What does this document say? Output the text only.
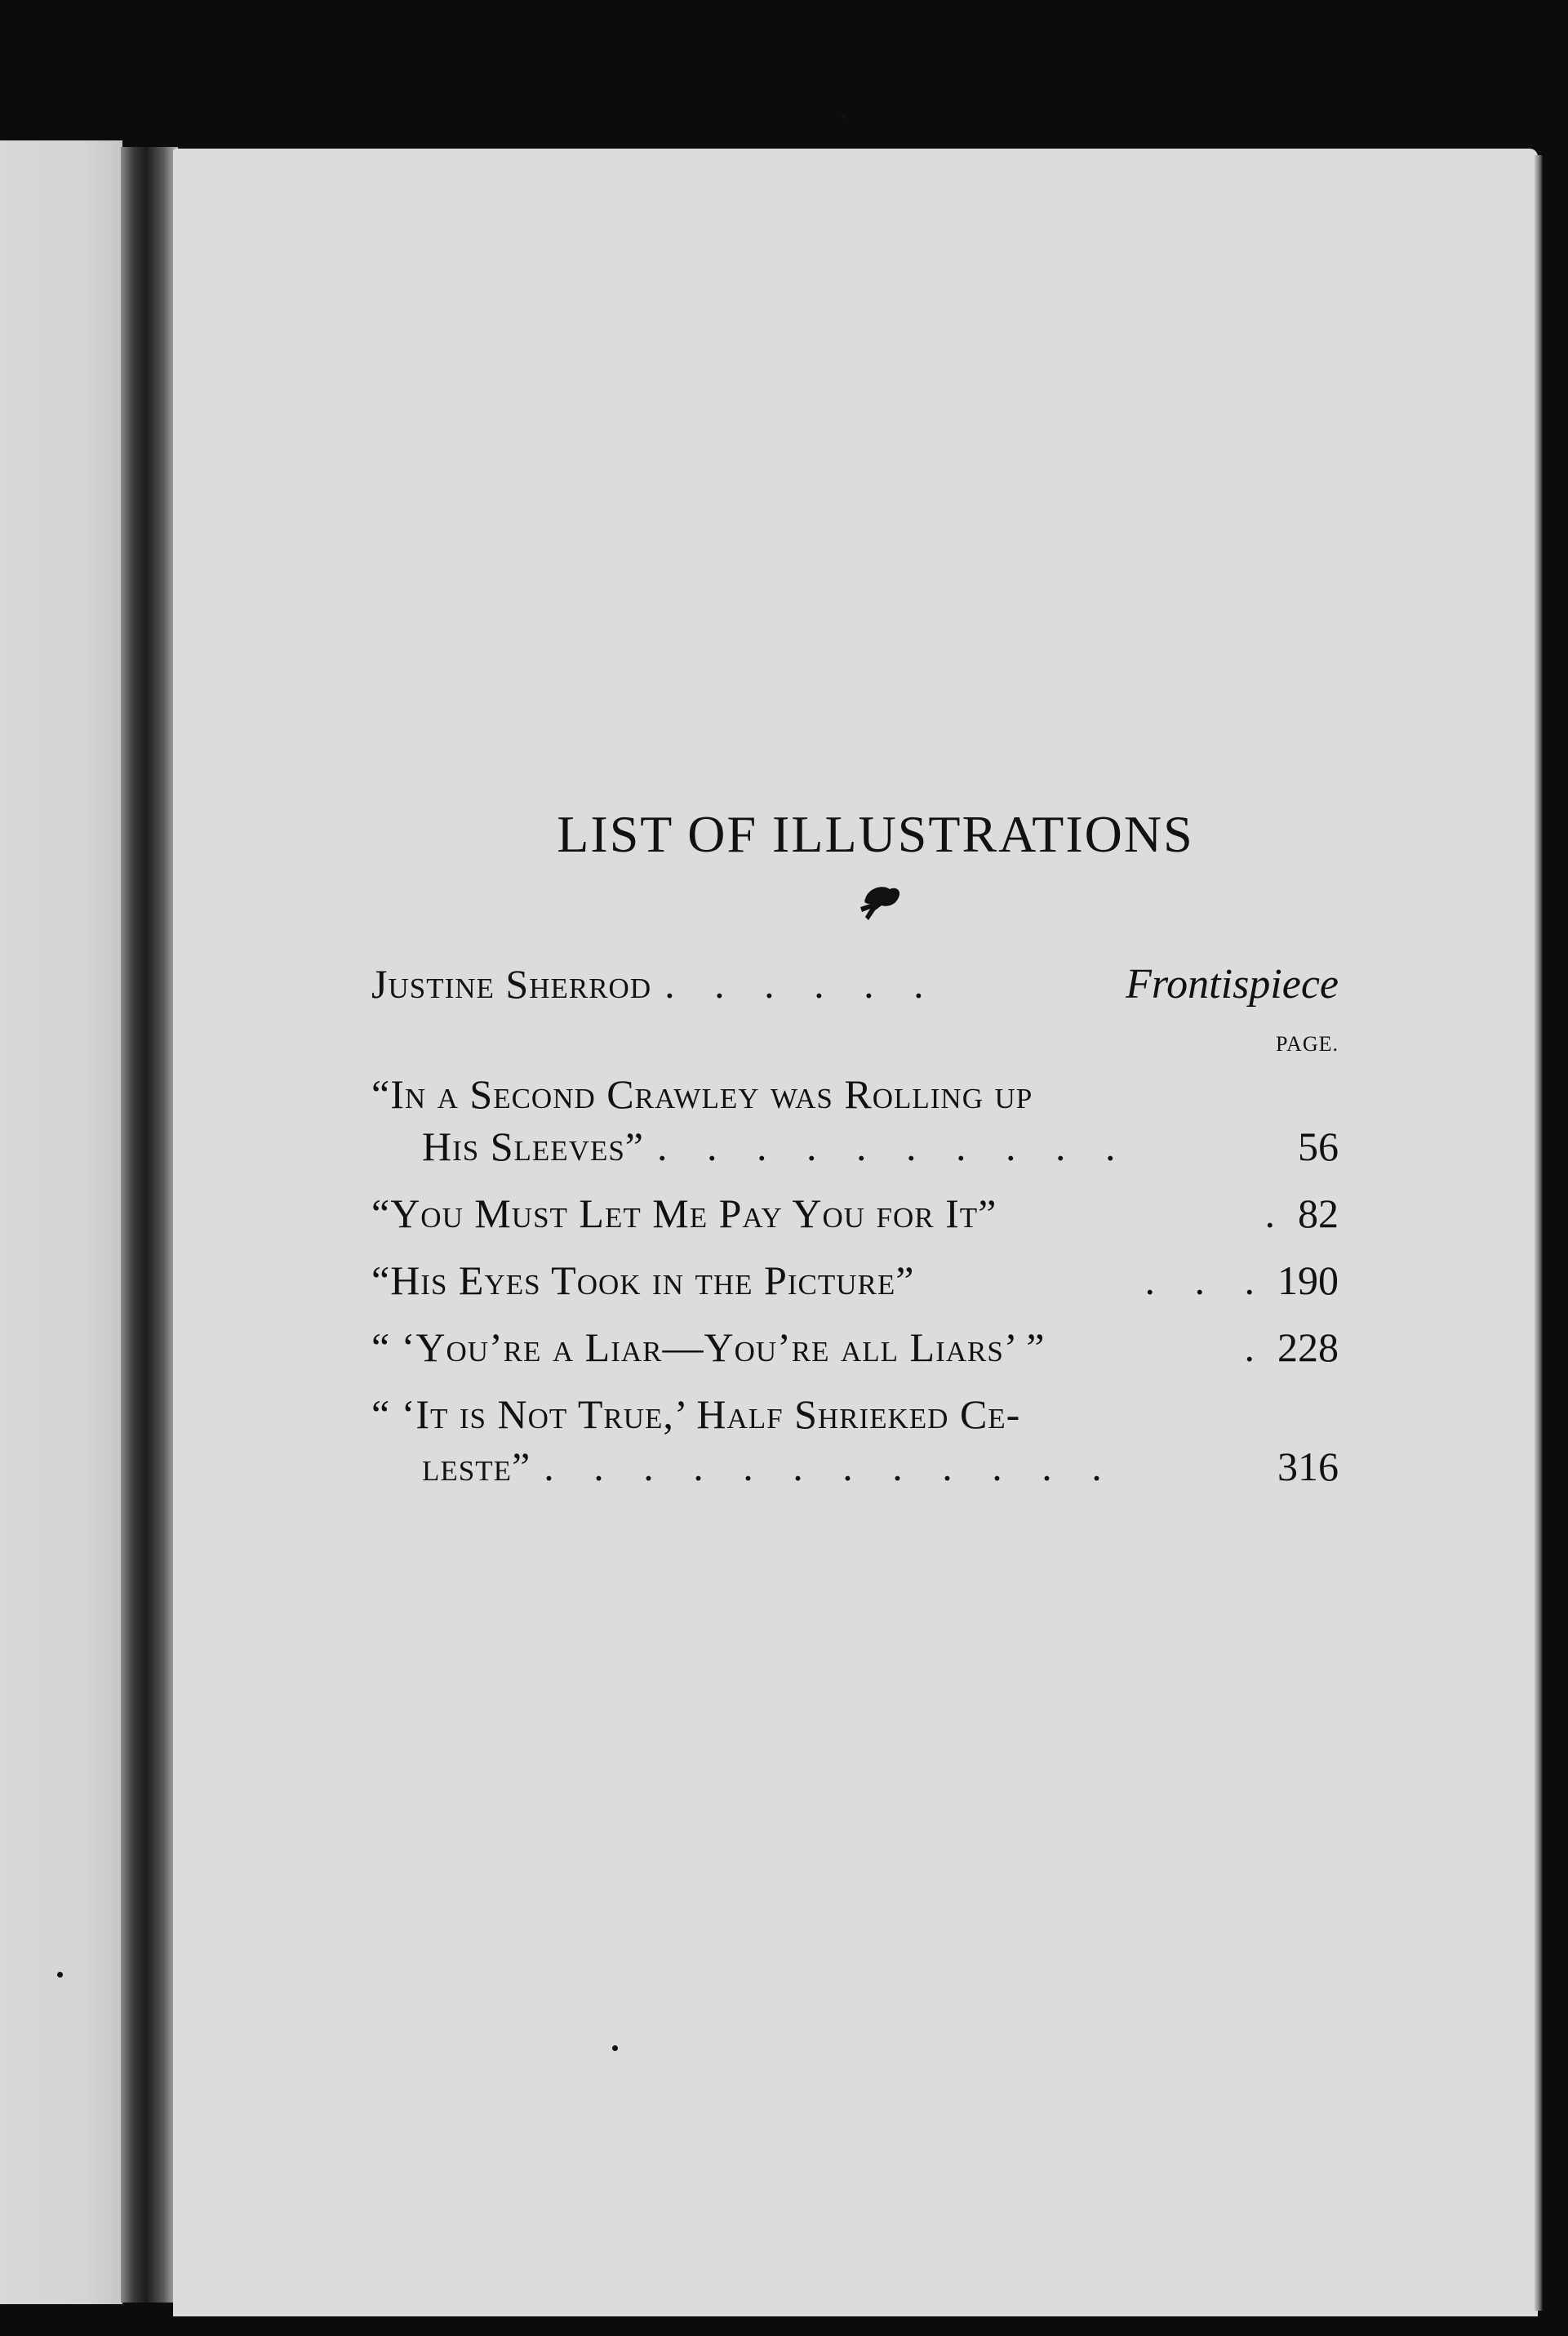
LIST OF ILLUSTRATIONS
Justine Sherrod . . . . . .	Frontispiece
PAGE.
“In a Second Crawley was Rolling up
His Sleeves” . . . . . . . . . .	56
“You Must Let Me Pay You for It”	. 82
“His Eyes Took in the Picture”	. . . 190
“ ‘You’re a Liar—You’re all Liars’ ”	. 228
“ ‘It is Not True,’ Half Shrieked Ce-
leste” . . . . . . . . . . . .	316
